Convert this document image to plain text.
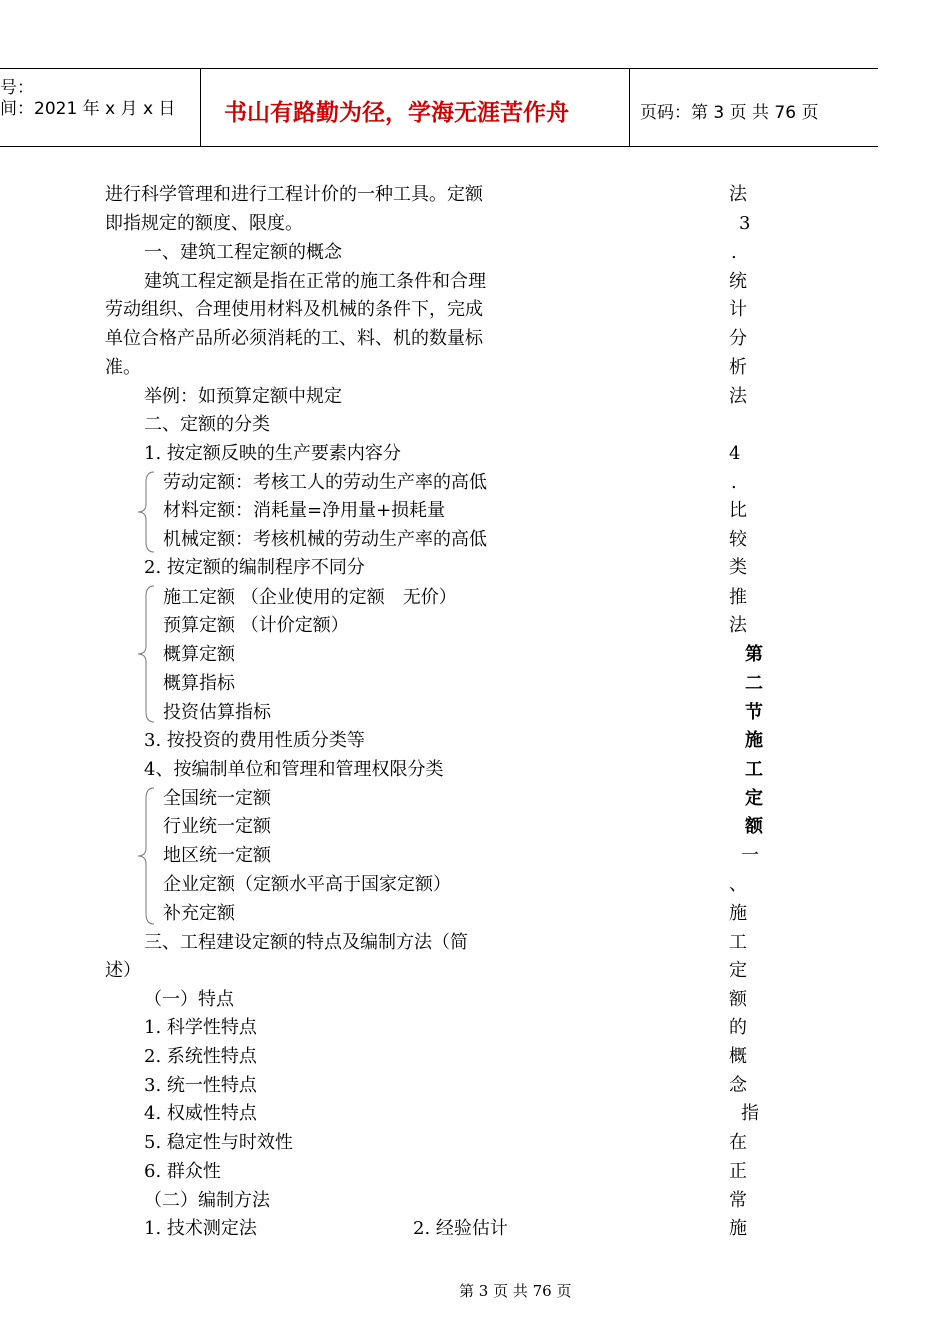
号：
间：2021 年 x 月 x 日 书山有路勤为径，学海无涯苦作舟	页码：第 3 页 共 76 页
进行科学管理和进行工程计价的一种工具。定额
即指规定的额度、限度。
一、建筑工程定额的概念
建筑工程定额是指在正常的施工条件和合理
劳动组织、合理使用材料及机械的条件下，完成
单位合格产品所必须消耗的工、料、机的数量标
准。
举例：如预算定额中规定
二、定额的分类
1. 按定额反映的生产要素内容分
劳动定额：考核工人的劳动生产率的高低
材料定额：消耗量=净用量+损耗量
机械定额：考核机械的劳动生产率的高低
2. 按定额的编制程序不同分
施工定额 （企业使用的定额　无价）
预算定额 （计价定额）
概算定额
概算指标
投资估算指标
3. 按投资的费用性质分类等
4、按编制单位和管理和管理权限分类
全国统一定额
行业统一定额
地区统一定额
企业定额（定额水平高于国家定额）
补充定额
三、工程建设定额的特点及编制方法（简
述）
（一）特点
1. 科学性特点
2. 系统性特点
3. 统一性特点
4. 权威性特点
5. 稳定性与时效性
6. 群众性
（二）编制方法
1. 技术测定法	2. 经验估计
法
3
.
统
计
分
析
法
4
.
比
较
类
推
法
第
二
节
施
工
定
额
一
、
施
工
定
额
的
概
念
指
在
正
常
施
第 3 页 共 76 页
